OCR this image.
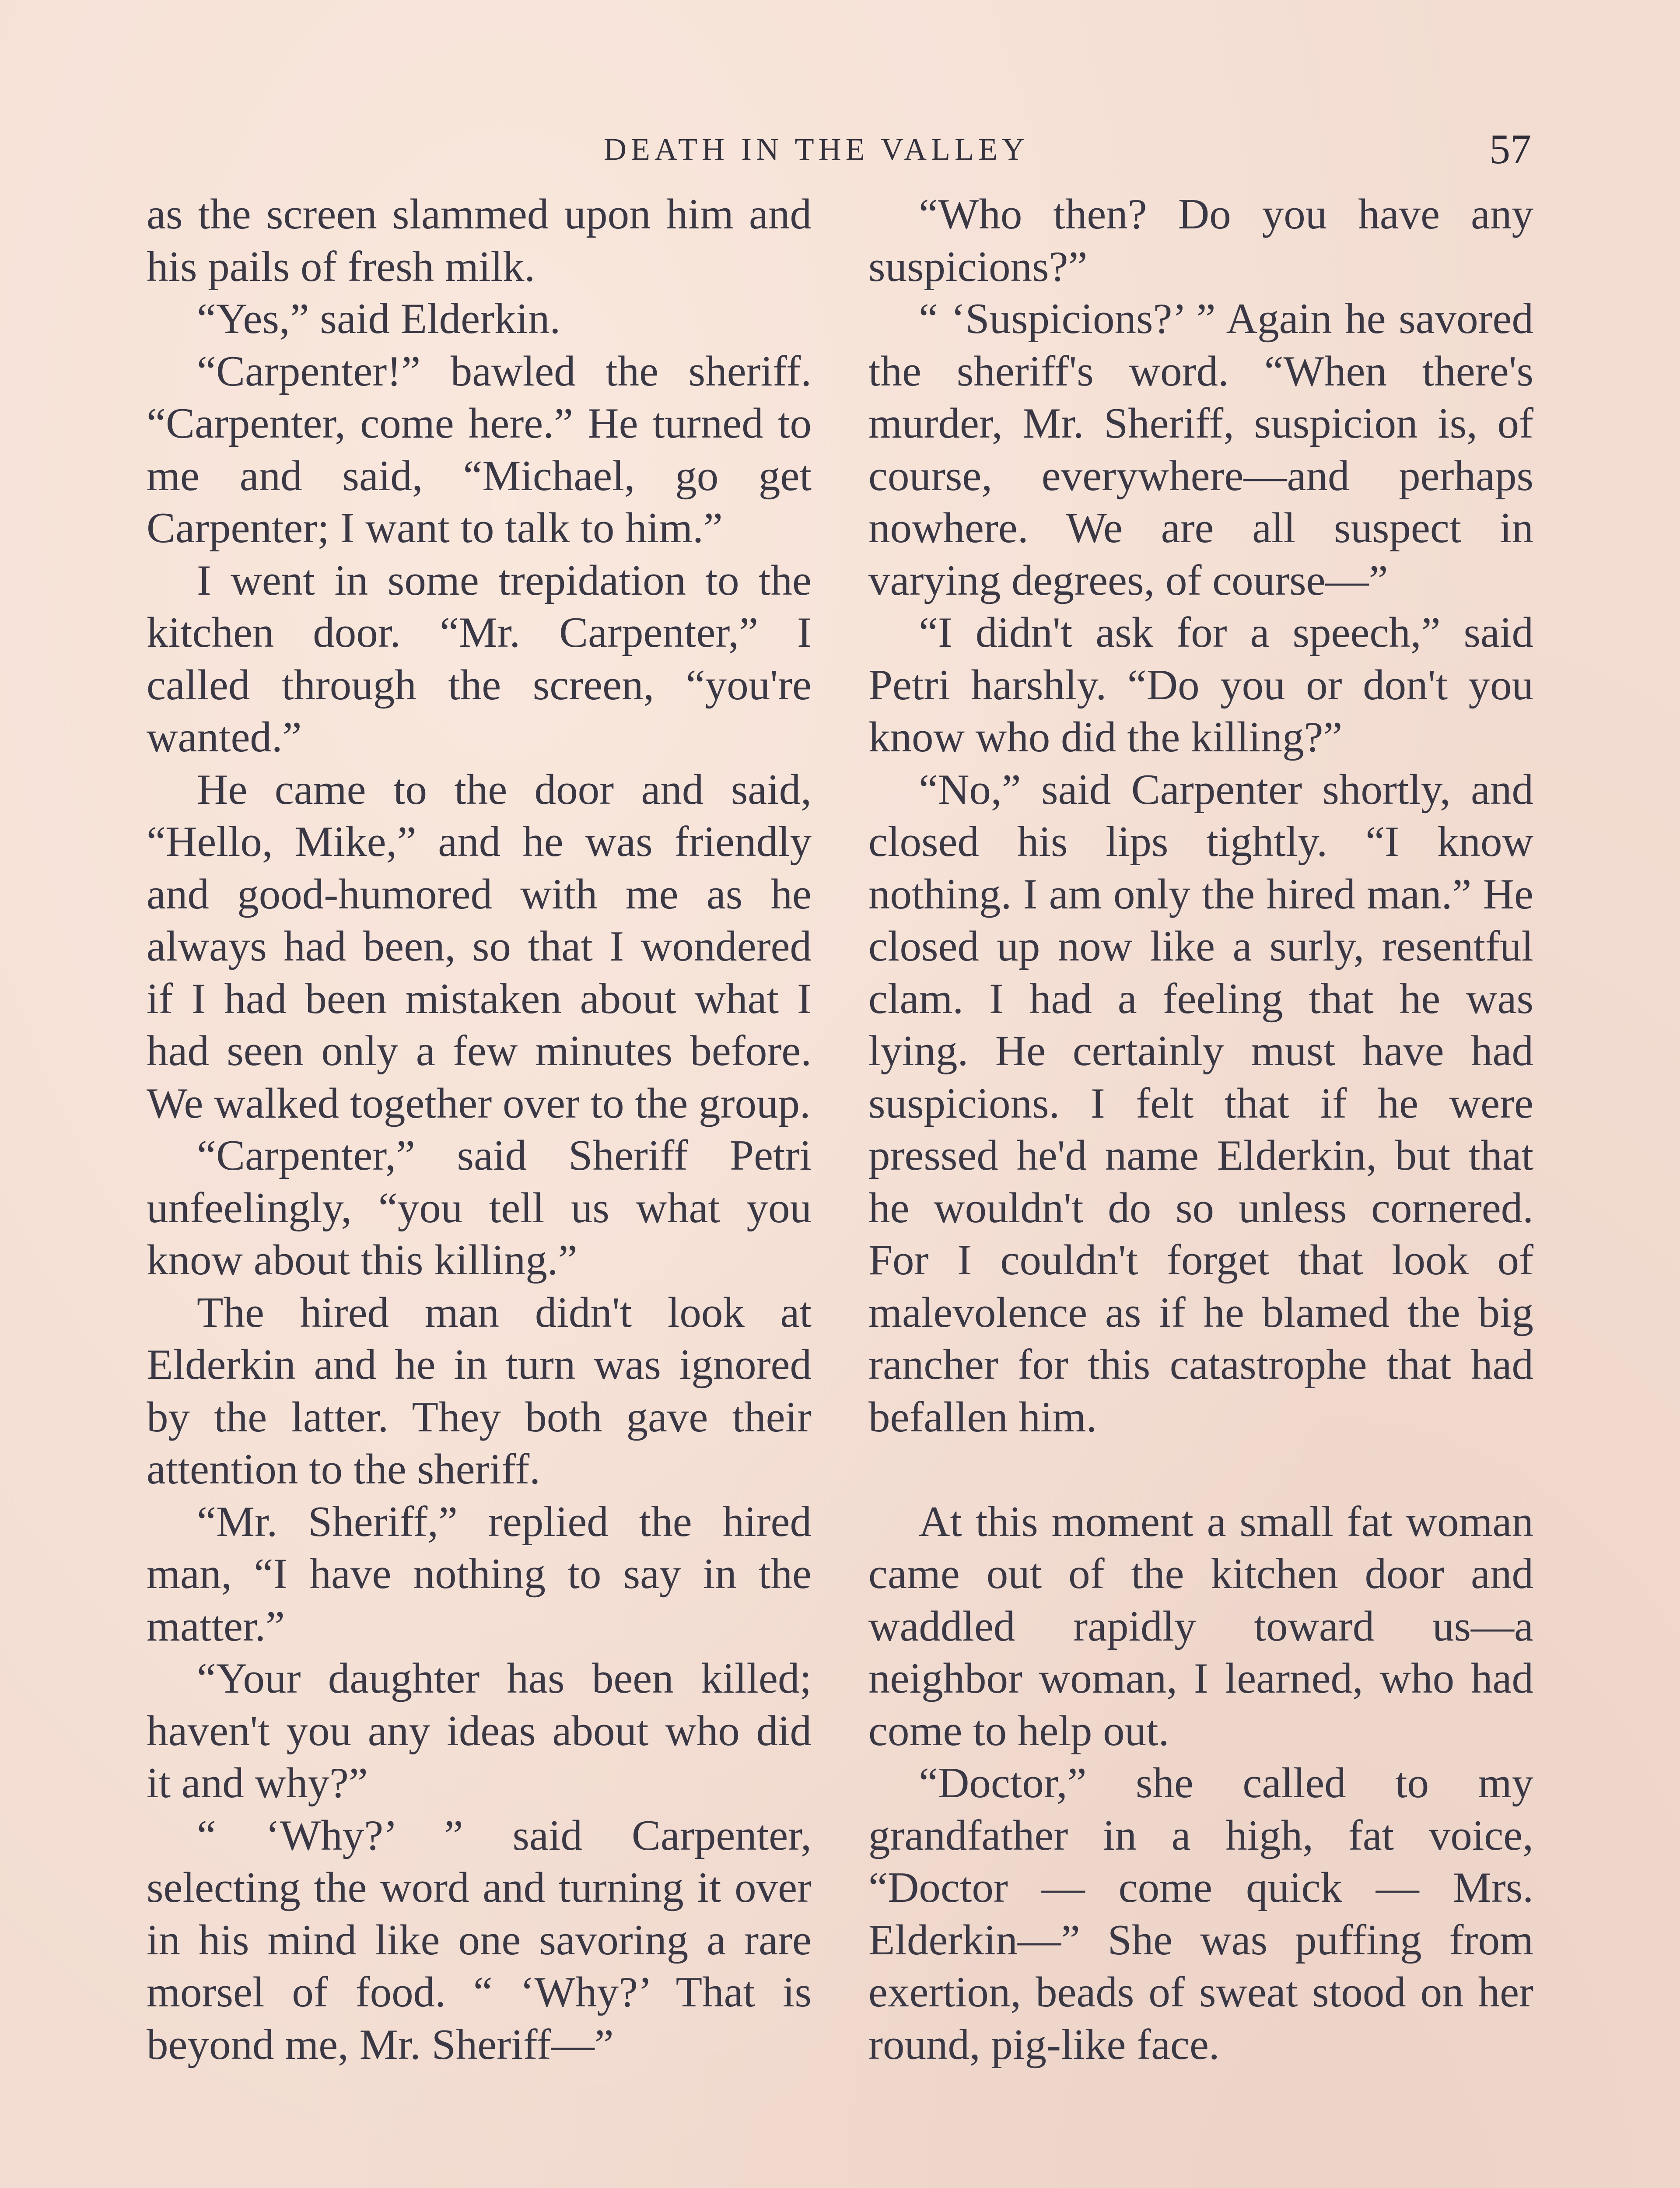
DEATH IN THE VALLEY	57

as the screen slammed upon him and his pails of fresh milk.

“Yes,” said Elderkin.

“Carpenter!” bawled the sheriff. “Carpenter, come here.” He turned to me and said, “Michael, go get Carpenter; I want to talk to him.”

I went in some trepidation to the kitchen door. “Mr. Carpenter,” I called through the screen, “you're wanted.”

He came to the door and said, “Hello, Mike,” and he was friendly and good-humored with me as he always had been, so that I wondered if I had been mistaken about what I had seen only a few minutes before. We walked together over to the group.

“Carpenter,” said Sheriff Petri unfeelingly, “you tell us what you know about this killing.”

The hired man didn't look at Elderkin and he in turn was ignored by the latter. They both gave their attention to the sheriff.

“Mr. Sheriff,” replied the hired man, “I have nothing to say in the matter.”

“Your daughter has been killed; haven't you any ideas about who did it and why?”

“ ‘Why?’ ” said Carpenter, selecting the word and turning it over in his mind like one savoring a rare morsel of food. “ ‘Why?’ That is beyond me, Mr. Sheriff—”

“Who then? Do you have any suspicions?”

“ ‘Suspicions?’ ” Again he savored the sheriff's word. “When there's murder, Mr. Sheriff, suspicion is, of course, everywhere—and perhaps nowhere. We are all suspect in varying degrees, of course—”

“I didn't ask for a speech,” said Petri harshly. “Do you or don't you know who did the killing?”

“No,” said Carpenter shortly, and closed his lips tightly. “I know nothing. I am only the hired man.” He closed up now like a surly, resentful clam. I had a feeling that he was lying. He certainly must have had suspicions. I felt that if he were pressed he'd name Elderkin, but that he wouldn't do so unless cornered. For I couldn't forget that look of malevolence as if he blamed the big rancher for this catastrophe that had befallen him.

At this moment a small fat woman came out of the kitchen door and waddled rapidly toward us—a neighbor woman, I learned, who had come to help out.

“Doctor,” she called to my grandfather in a high, fat voice, “Doctor — come quick — Mrs. Elderkin—” She was puffing from exertion, beads of sweat stood on her round, pig-like face.
